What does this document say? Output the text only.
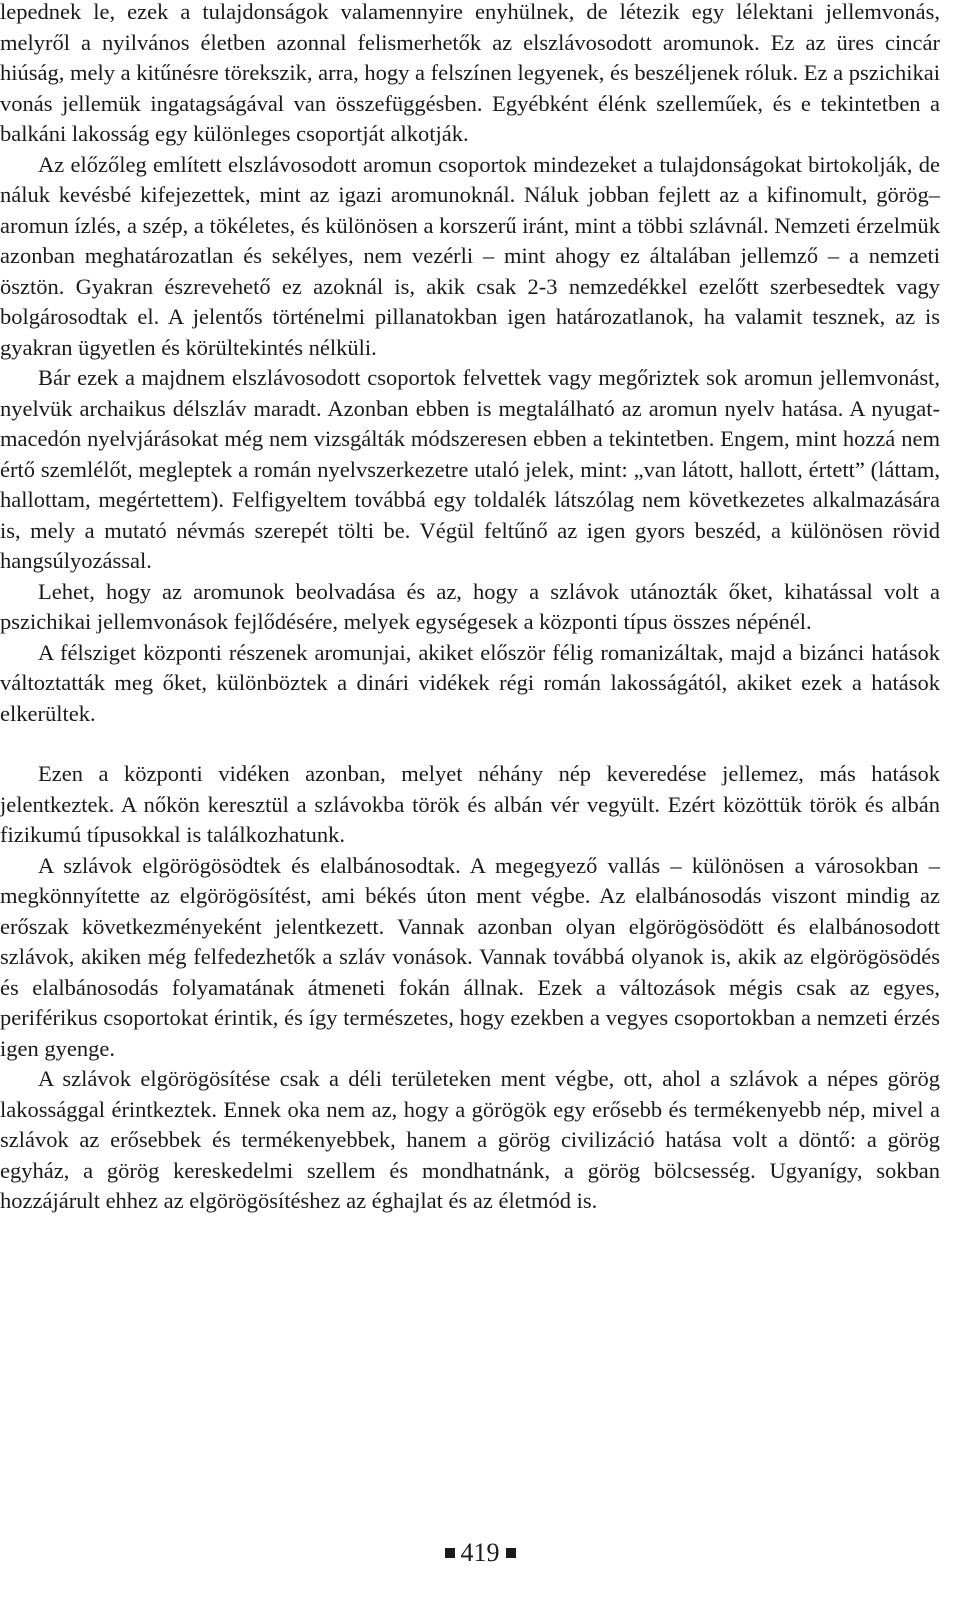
lepednek le, ezek a tulajdonságok valamennyire enyhülnek, de létezik egy lélektani jellemvonás, melyről a nyilvános életben azonnal felismerhetők az elszlávosodott aromunok. Ez az üres cincár hiúság, mely a kitűnésre törekszik, arra, hogy a felszínen legyenek, és beszéljenek róluk. Ez a pszichikai vonás jellemük ingatagságával van összefüggésben. Egyébként élénk szelleműek, és e tekintetben a balkáni lakosság egy különleges csoportját alkotják.

Az előzőleg említett elszlávosodott aromun csoportok mindezeket a tulajdonságokat birtokolják, de náluk kevésbé kifejezettek, mint az igazi aromunoknál. Náluk jobban fejlett az a kifinomult, görög–aromun ízlés, a szép, a tökéletes, és különösen a korszerű iránt, mint a többi szlávnál. Nemzeti érzelmük azonban meghatározatlan és sekélyes, nem vezérli – mint ahogy ez általában jellemző – a nemzeti ösztön. Gyakran észrevehető ez azoknál is, akik csak 2-3 nemzedékkel ezelőtt szerbesedtek vagy bolgárosodtak el. A jelentős történelmi pillanatokban igen határozatlanok, ha valamit tesznek, az is gyakran ügyetlen és körültekintés nélküli.

Bár ezek a majdnem elszlávosodott csoportok felvettek vagy megőriztek sok aromun jellemvonást, nyelvük archaikus délszláv maradt. Azonban ebben is megtalálható az aromun nyelv hatása. A nyugat-macedón nyelvjárásokat még nem vizsgálták módszeresen ebben a tekintetben. Engem, mint hozzá nem értő szemlélőt, megleptek a román nyelvszerkezetre utaló jelek, mint: „van látott, hallott, értett” (láttam, hallottam, megértettem). Felfigyeltem továbbá egy toldalék látszólag nem következetes alkalmazására is, mely a mutató névmás szerepét tölti be. Végül feltűnő az igen gyors beszéd, a különösen rövid hangsúlyozással.

Lehet, hogy az aromunok beolvadása és az, hogy a szlávok utánozták őket, kihatással volt a pszichikai jellemvonások fejlődésére, melyek egységesek a központi típus összes népénél.

A félsziget központi részenek aromunjai, akiket először félig romanizáltak, majd a bizánci hatások változtatták meg őket, különböztek a dinári vidékek régi román lakosságától, akiket ezek a hatások elkerültek.

Ezen a központi vidéken azonban, melyet néhány nép keveredése jellemez, más hatások jelentkeztek. A nőkön keresztül a szlávokba török és albán vér vegyült. Ezért közöttük török és albán fizikumú típusokkal is találkozhatunk.

A szlávok elgörögösödtek és elalbánosodtak. A megegyező vallás – különösen a városokban – megkönnyítette az elgörögösítést, ami békés úton ment végbe. Az elalbánosodás viszont mindig az erőszak következményeként jelentkezett. Vannak azonban olyan elgörögösödött és elalbánosodott szlávok, akiken még felfedezhetők a szláv vonások. Vannak továbbá olyanok is, akik az elgörögösödés és elalbánosodás folyamatának átmeneti fokán állnak. Ezek a változások mégis csak az egyes, periférikus csoportokat érintik, és így természetes, hogy ezekben a vegyes csoportokban a nemzeti érzés igen gyenge.

A szlávok elgörögösítése csak a déli területeken ment végbe, ott, ahol a szlávok a népes görög lakossággal érintkeztek. Ennek oka nem az, hogy a görögök egy erősebb és termékenyebb nép, mivel a szlávok az erősebbek és termékenyebbek, hanem a görög civilizáció hatása volt a döntő: a görög egyház, a görög kereskedelmi szellem és mondhatnánk, a görög bölcsesség. Ugyanígy, sokban hozzájárult ehhez az elgörögösítéshez az éghajlat és az életmód is.

419
